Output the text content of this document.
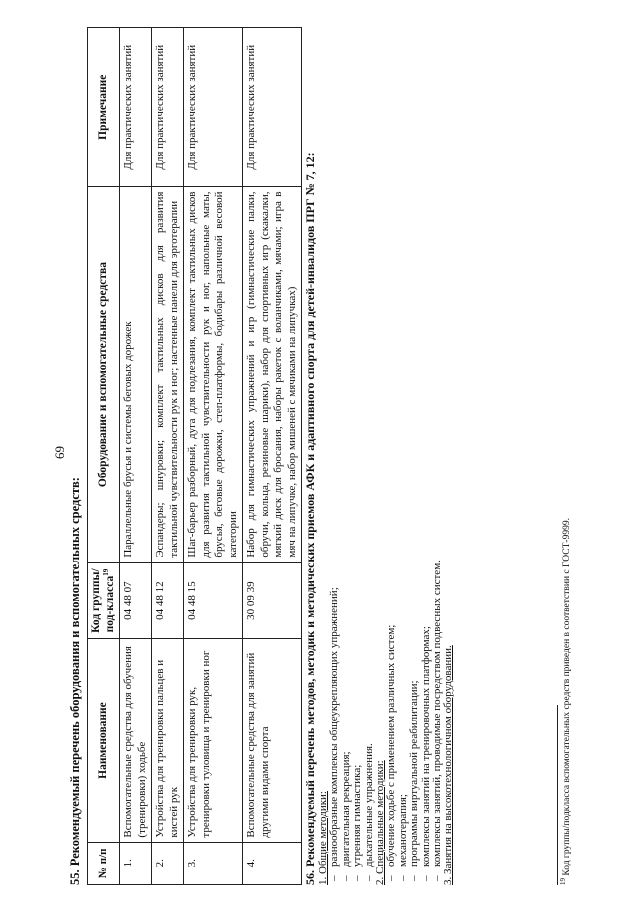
69
55. Рекомендуемый перечень оборудования и вспомогательных средств: № п/п	Наименование	Код группы/под-класса$^{19}$	Оборудование и вспомогательные средства	Примечание
1.	Вспомогательные средства для обучения (тренировки) ходьбе	04 48 07	Параллельные брусья и системы беговых дорожек	Для практических занятий
2.	Устройства для тренировки пальцев и кистей рук	04 48 12	Эспандеры; шнуровки; комплект тактильных дисков для развития тактильной чувствительности рук и ног; настенные панели для эрготерапии	Для практических занятий
3.	Устройства для тренировки рук, тренировки туловища и тренировки ног	04 48 15	Шаг-барьер разборный, дуга для подлезания, комплект тактильных дисков для развития тактильной чувствительности рук и ног, напольные маты, брусья, беговые дорожки, степ-платформы, бодибары различной весовой категории	Для практических занятий
4.	Вспомогательные средства для занятий другими видами спорта	30 09 39	Набор для гимнастических упражнений и игр (гимнастические палки, обручи, кольца, резиновые шарики), набор для спортивных игр (скакалки, мягкий диск для бросания, наборы ракеток с воланчиками, мячами; игра в мяч на липучке, набор мишеней с мячиками на липучках)	Для практических занятий
56. Рекомендуемый перечень методов, методик и методических приемов АФК и адаптивного спорта для детей-инвалидов ПРГ № 7, 12: 1. Общие методики: – разнообразные комплексы общеукрепляющих упражнений; – двигательная рекреация; – утренняя гимнастика; – дыхательные упражнения. 2. Специальные методики: – обучение ходьбе с применением различных систем; – механотерапия; – программы виртуальной реабилитации; – комплексы занятий на тренировочных платформах; – комплексы занятий, проводимые посредством подвесных систем. 3. Занятия на высокотехнологичном оборудовании.	$^{19}$ Код группы/подкласса вспомогательных средств приведен в соответствии с ГОСТ-9999.
